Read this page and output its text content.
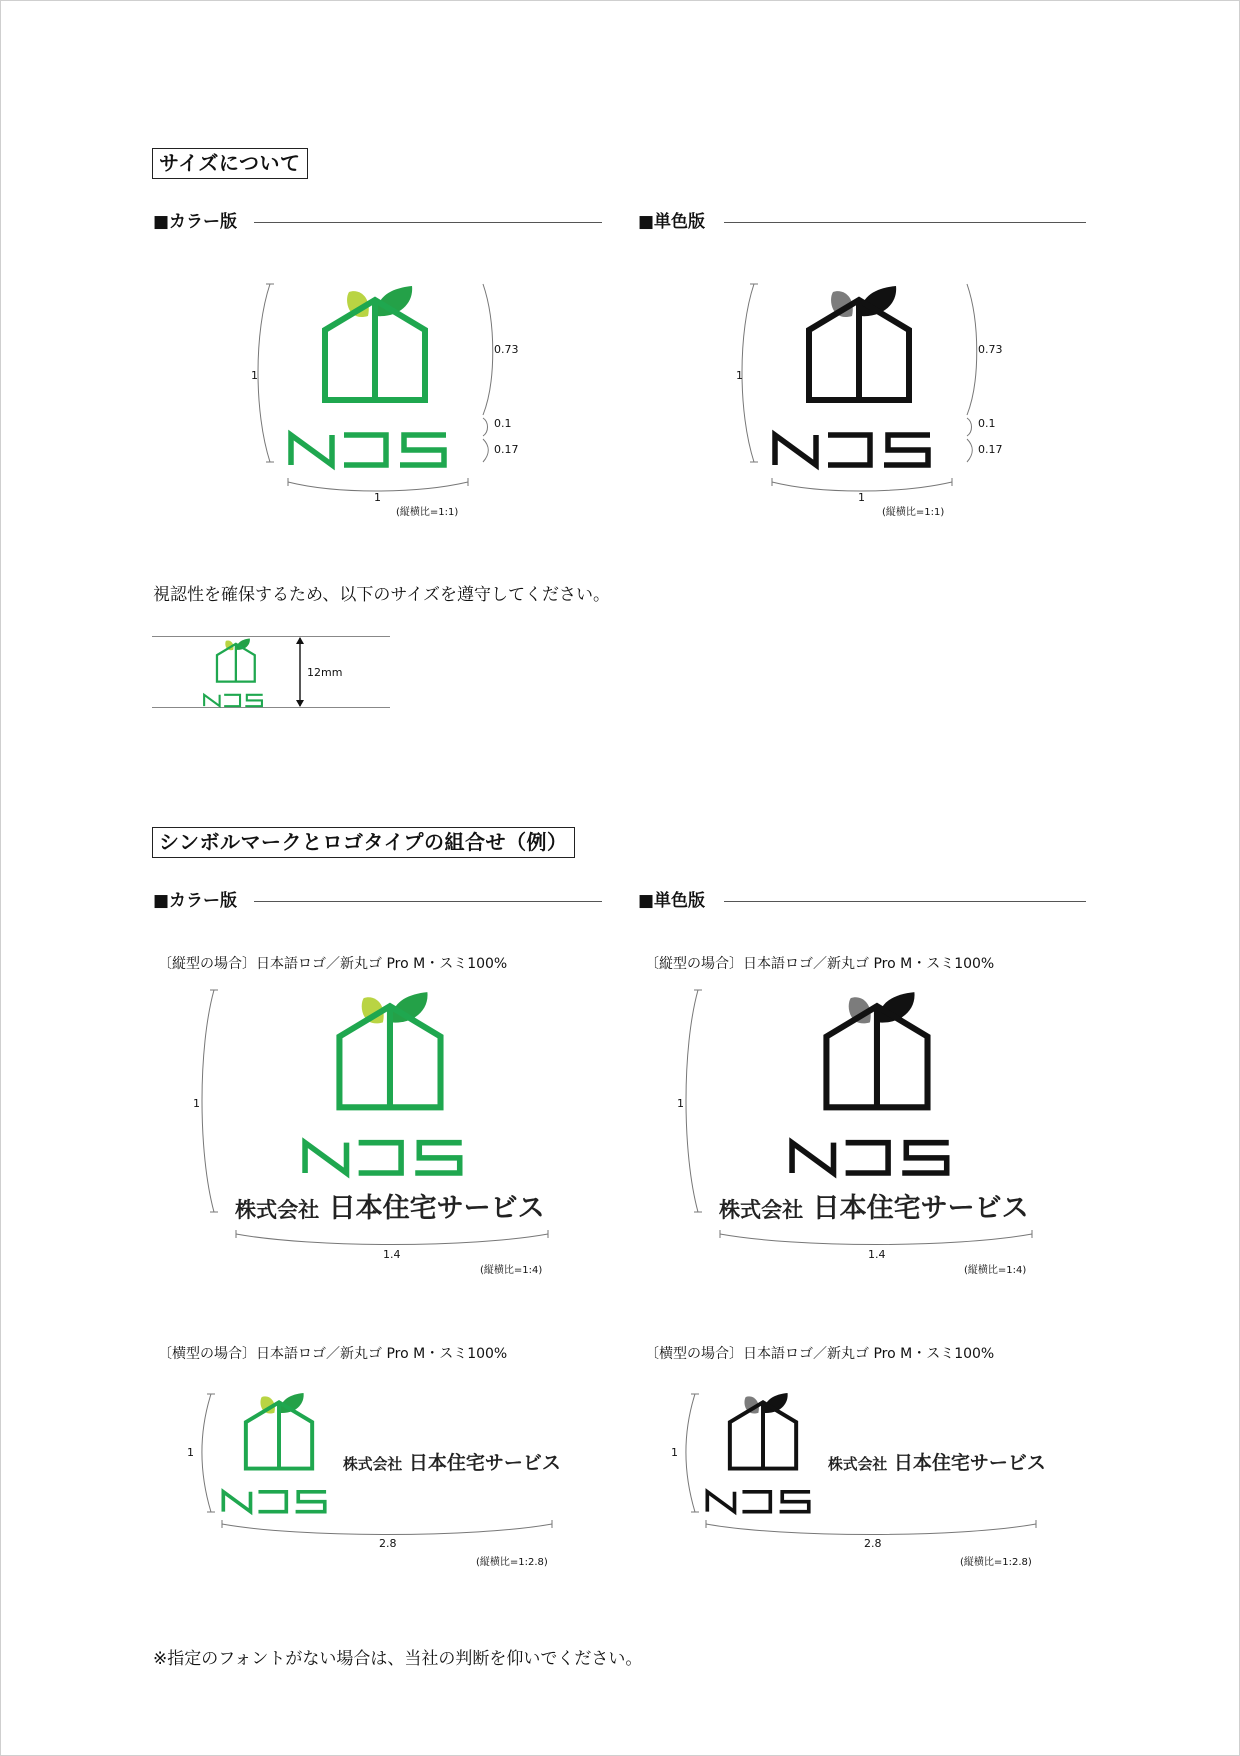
サイズについて
■カラー版	■単色版
1
0.73
0.1
0.17
1
(縦横比=1:1)
1
0.73
0.1
0.17
1
(縦横比=1:1)
視認性を確保するため、以下のサイズを遵守してください。
12mm
シンボルマークとロゴタイプの組合せ（例）
■カラー版	■単色版
〔縦型の場合〕日本語ロゴ／新丸ゴ Pro M・スミ100%	〔縦型の場合〕日本語ロゴ／新丸ゴ Pro M・スミ100%
株式会社 日本住宅サービス
1
1.4
(縦横比=1:4)
株式会社 日本住宅サービス
1
1.4
(縦横比=1:4)
〔横型の場合〕日本語ロゴ／新丸ゴ Pro M・スミ100%	〔横型の場合〕日本語ロゴ／新丸ゴ Pro M・スミ100%
株式会社 日本住宅サービス
1
2.8
(縦横比=1:2.8)
株式会社 日本住宅サービス
1
2.8
(縦横比=1:2.8)
※指定のフォントがない場合は、当社の判断を仰いでください。
